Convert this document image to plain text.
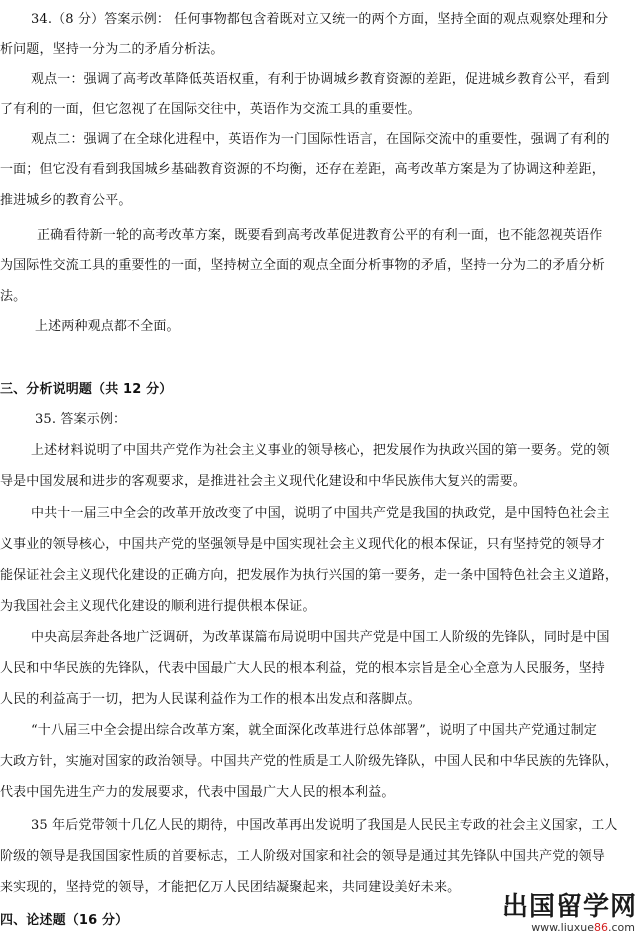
34.（8 分）答案示例： 任何事物都包含着既对立又统一的两个方面，坚持全面的观点观察处理和分
析问题，坚持一分为二的矛盾分析法。
观点一：强调了高考改革降低英语权重，有利于协调城乡教育资源的差距，促进城乡教育公平，看到
了有利的一面，但它忽视了在国际交往中，英语作为交流工具的重要性。
观点二：强调了在全球化进程中，英语作为一门国际性语言，在国际交流中的重要性，强调了有利的
一面；但它没有看到我国城乡基础教育资源的不均衡，还存在差距，高考改革方案是为了协调这种差距，
推进城乡的教育公平。
正确看待新一轮的高考改革方案，既要看到高考改革促进教育公平的有利一面，也不能忽视英语作
为国际性交流工具的重要性的一面，坚持树立全面的观点全面分析事物的矛盾，坚持一分为二的矛盾分析
法。
上述两种观点都不全面。
三、分析说明题（共 12 分）
35. 答案示例：
上述材料说明了中国共产党作为社会主义事业的领导核心，把发展作为执政兴国的第一要务。党的领
导是中国发展和进步的客观要求，是推进社会主义现代化建设和中华民族伟大复兴的需要。
中共十一届三中全会的改革开放改变了中国，说明了中国共产党是我国的执政党，是中国特色社会主
义事业的领导核心，中国共产党的坚强领导是中国实现社会主义现代化的根本保证，只有坚持党的领导才
能保证社会主义现代化建设的正确方向，把发展作为执行兴国的第一要务，走一条中国特色社会主义道路，
为我国社会主义现代化建设的顺利进行提供根本保证。
中央高层奔赴各地广泛调研，为改革谋篇布局说明中国共产党是中国工人阶级的先锋队，同时是中国
人民和中华民族的先锋队，代表中国最广大人民的根本利益，党的根本宗旨是全心全意为人民服务，坚持
人民的利益高于一切，把为人民谋利益作为工作的根本出发点和落脚点。
“十八届三中全会提出综合改革方案，就全面深化改革进行总体部署”，说明了中国共产党通过制定
大政方针，实施对国家的政治领导。中国共产党的性质是工人阶级先锋队，中国人民和中华民族的先锋队，
代表中国先进生产力的发展要求，代表中国最广大人民的根本利益。
35 年后党带领十几亿人民的期待，中国改革再出发说明了我国是人民民主专政的社会主义国家，工人
阶级的领导是我国国家性质的首要标志，工人阶级对国家和社会的领导是通过其先锋队中国共产党的领导
来实现的，坚持党的领导，才能把亿万人民团结凝聚起来，共同建设美好未来。
四、论述题（16 分）	出国留学网
www.liuxue86.com
